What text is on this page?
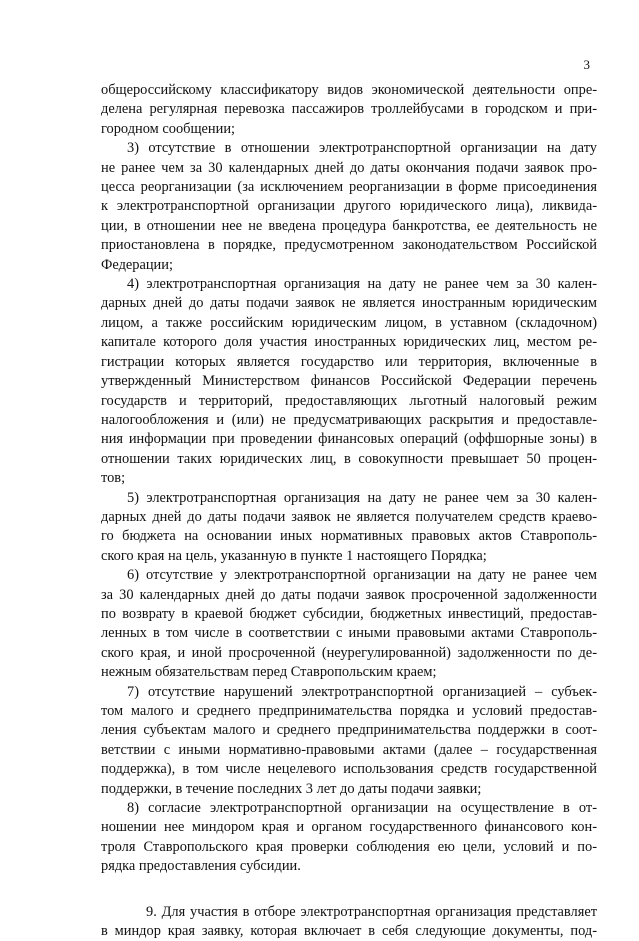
3

общероссийскому классификатору видов экономической деятельности опре-
делена регулярная перевозка пассажиров троллейбусами в городском и при-
городном сообщении;

3) отсутствие в отношении электротранспортной организации на дату
не ранее чем за 30 календарных дней до даты окончания подачи заявок про-
цесса реорганизации (за исключением реорганизации в форме присоединения
к электротранспортной организации другого юридического лица), ликвида-
ции, в отношении нее не введена процедура банкротства, ее деятельность не
приостановлена в порядке, предусмотренном законодательством Российской
Федерации;

4) электротранспортная организация на дату не ранее чем за 30 кален-
дарных дней до даты подачи заявок не является иностранным юридическим
лицом, а также российским юридическим лицом, в уставном (складочном)
капитале которого доля участия иностранных юридических лиц, местом ре-
гистрации которых является государство или территория, включенные в
утвержденный Министерством финансов Российской Федерации перечень
государств и территорий, предоставляющих льготный налоговый режим
налогообложения и (или) не предусматривающих раскрытия и предоставле-
ния информации при проведении финансовых операций (оффшорные зоны) в
отношении таких юридических лиц, в совокупности превышает 50 процен-
тов;

5) электротранспортная организация на дату не ранее чем за 30 кален-
дарных дней до даты подачи заявок не является получателем средств краево-
го бюджета на основании иных нормативных правовых актов Ставрополь-
ского края на цель, указанную в пункте 1 настоящего Порядка;

6) отсутствие у электротранспортной организации на дату не ранее чем
за 30 календарных дней до даты подачи заявок просроченной задолженности
по возврату в краевой бюджет субсидии, бюджетных инвестиций, предостав-
ленных в том числе в соответствии с иными правовыми актами Ставрополь-
ского края, и иной просроченной (неурегулированной) задолженности по де-
нежным обязательствам перед Ставропольским краем;

7) отсутствие нарушений электротранспортной организацией – субъек-
том малого и среднего предпринимательства порядка и условий предостав-
ления субъектам малого и среднего предпринимательства поддержки в соот-
ветствии с иными нормативно-правовыми актами (далее – государственная
поддержка), в том числе нецелевого использования средств государственной
поддержки, в течение последних 3 лет до даты подачи заявки;

8) согласие электротранспортной организации на осуществление в от-
ношении нее миндором края и органом государственного финансового кон-
троля Ставропольского края проверки соблюдения ею цели, условий и по-
рядка предоставления субсидии.

9. Для участия в отборе электротранспортная организация представляет
в миндор края заявку, которая включает в себя следующие документы, под-
